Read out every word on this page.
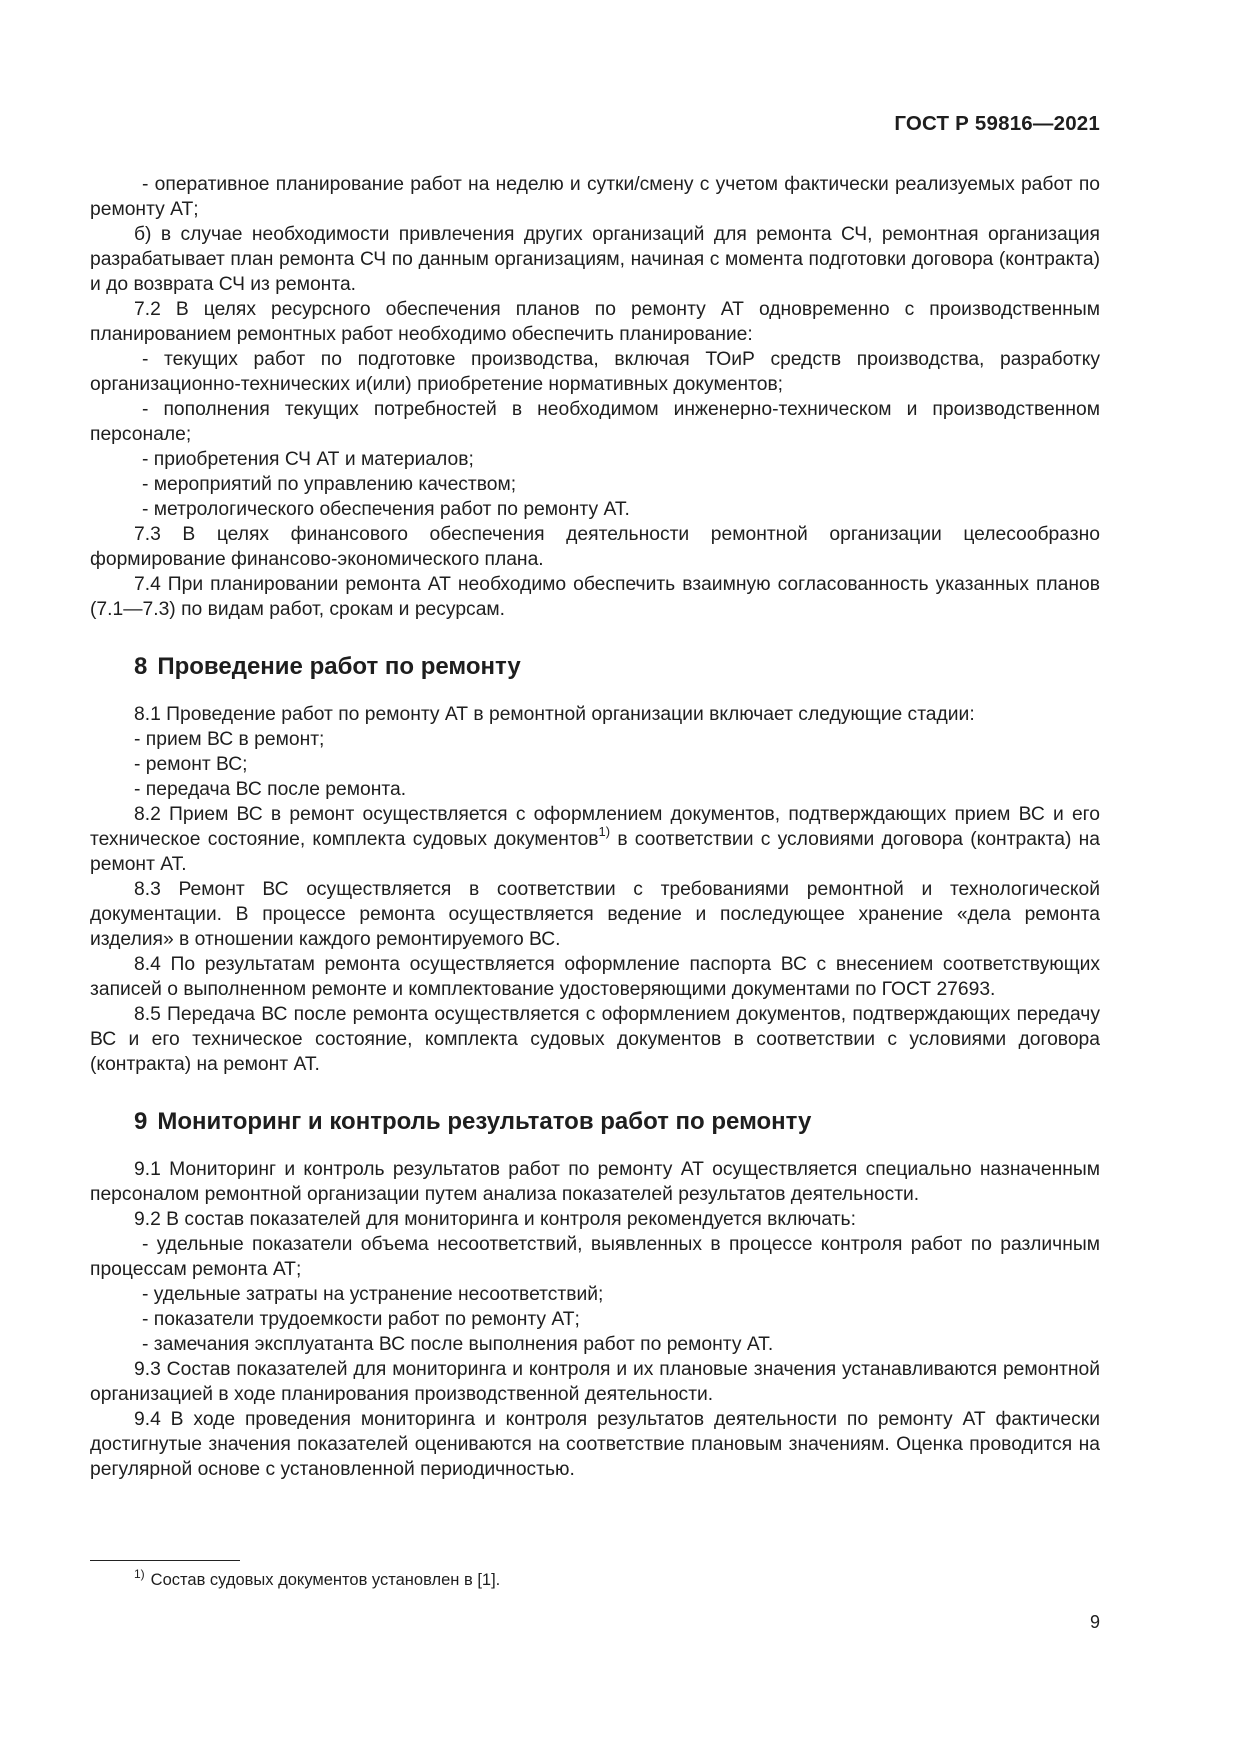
ГОСТ Р 59816—2021

- оперативное планирование работ на неделю и сутки/смену с учетом фактически реализуемых работ по ремонту АТ;

б) в случае необходимости привлечения других организаций для ремонта СЧ, ремонтная организация разрабатывает план ремонта СЧ по данным организациям, начиная с момента подготовки договора (контракта) и до возврата СЧ из ремонта.

7.2 В целях ресурсного обеспечения планов по ремонту АТ одновременно с производственным планированием ремонтных работ необходимо обеспечить планирование:

- текущих работ по подготовке производства, включая ТОиР средств производства, разработку организационно-технических и(или) приобретение нормативных документов;

- пополнения текущих потребностей в необходимом инженерно-техническом и производственном персонале;

- приобретения СЧ АТ и материалов;

- мероприятий по управлению качеством;

- метрологического обеспечения работ по ремонту АТ.

7.3 В целях финансового обеспечения деятельности ремонтной организации целесообразно формирование финансово-экономического плана.

7.4 При планировании ремонта АТ необходимо обеспечить взаимную согласованность указанных планов (7.1—7.3) по видам работ, срокам и ресурсам.

8 Проведение работ по ремонту

8.1 Проведение работ по ремонту АТ в ремонтной организации включает следующие стадии:

- прием ВС в ремонт;

- ремонт ВС;

- передача ВС после ремонта.

8.2 Прием ВС в ремонт осуществляется с оформлением документов, подтверждающих прием ВС и его техническое состояние, комплекта судовых документов$^{1)}$ в соответствии с условиями договора (контракта) на ремонт АТ.

8.3 Ремонт ВС осуществляется в соответствии с требованиями ремонтной и технологической документации. В процессе ремонта осуществляется ведение и последующее хранение «дела ремонта изделия» в отношении каждого ремонтируемого ВС.

8.4 По результатам ремонта осуществляется оформление паспорта ВС с внесением соответствующих записей о выполненном ремонте и комплектование удостоверяющими документами по ГОСТ 27693.

8.5 Передача ВС после ремонта осуществляется с оформлением документов, подтверждающих передачу ВС и его техническое состояние, комплекта судовых документов в соответствии с условиями договора (контракта) на ремонт АТ.

9 Мониторинг и контроль результатов работ по ремонту

9.1 Мониторинг и контроль результатов работ по ремонту АТ осуществляется специально назначенным персоналом ремонтной организации путем анализа показателей результатов деятельности.

9.2 В состав показателей для мониторинга и контроля рекомендуется включать:

- удельные показатели объема несоответствий, выявленных в процессе контроля работ по различным процессам ремонта АТ;

- удельные затраты на устранение несоответствий;

- показатели трудоемкости работ по ремонту АТ;

- замечания эксплуатанта ВС после выполнения работ по ремонту АТ.

9.3 Состав показателей для мониторинга и контроля и их плановые значения устанавливаются ремонтной организацией в ходе планирования производственной деятельности.

9.4 В ходе проведения мониторинга и контроля результатов деятельности по ремонту АТ фактически достигнутые значения показателей оцениваются на соответствие плановым значениям. Оценка проводится на регулярной основе с установленной периодичностью.

$^{1)}$ Состав судовых документов установлен в [1].
9
